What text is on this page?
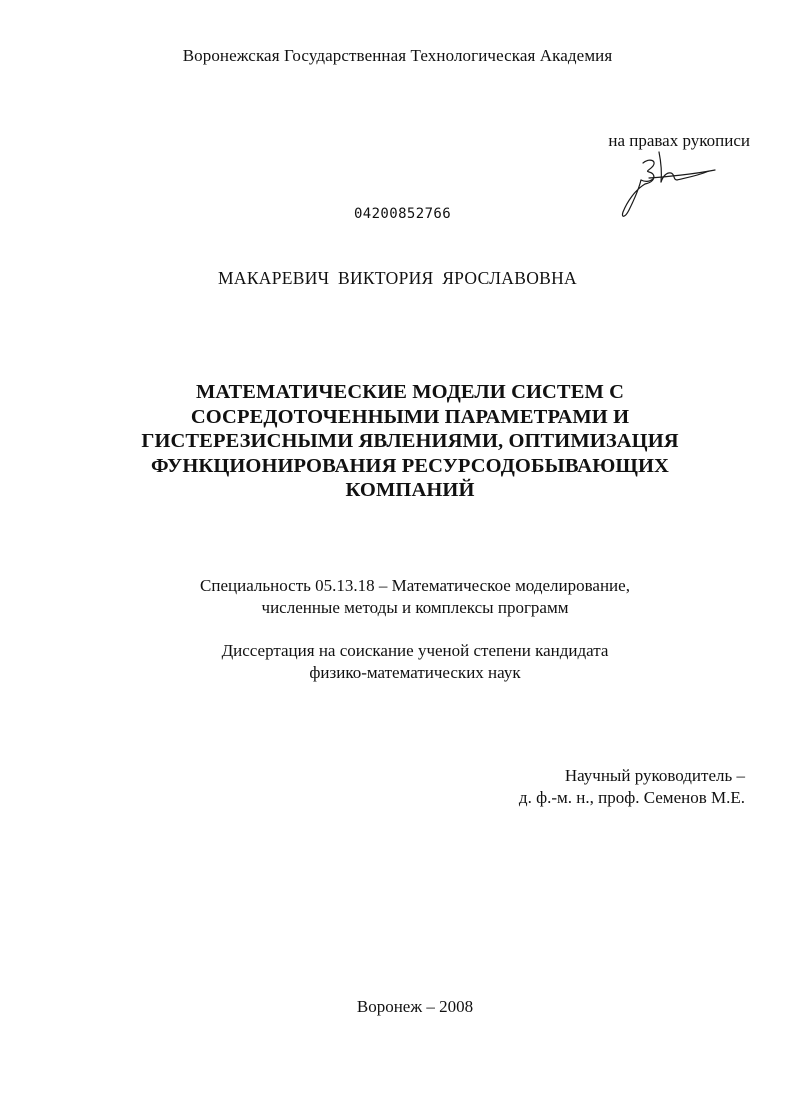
Воронежская Государственная Технологическая Академия
на правах рукописи
04200852766
МАКАРЕВИЧ ВИКТОРИЯ ЯРОСЛАВОВНА
МАТЕМАТИЧЕСКИЕ МОДЕЛИ СИСТЕМ С
СОСРЕДОТОЧЕННЫМИ ПАРАМЕТРАМИ И
ГИСТЕРЕЗИСНЫМИ ЯВЛЕНИЯМИ, ОПТИМИЗАЦИЯ
ФУНКЦИОНИРОВАНИЯ РЕСУРСОДОБЫВАЮЩИХ
КОМПАНИЙ
Специальность 05.13.18 – Математическое моделирование,
численные методы и комплексы программ
Диссертация на соискание ученой степени кандидата
физико-математических наук
Научный руководитель –
д. ф.-м. н., проф. Семенов М.Е.
Воронеж – 2008
